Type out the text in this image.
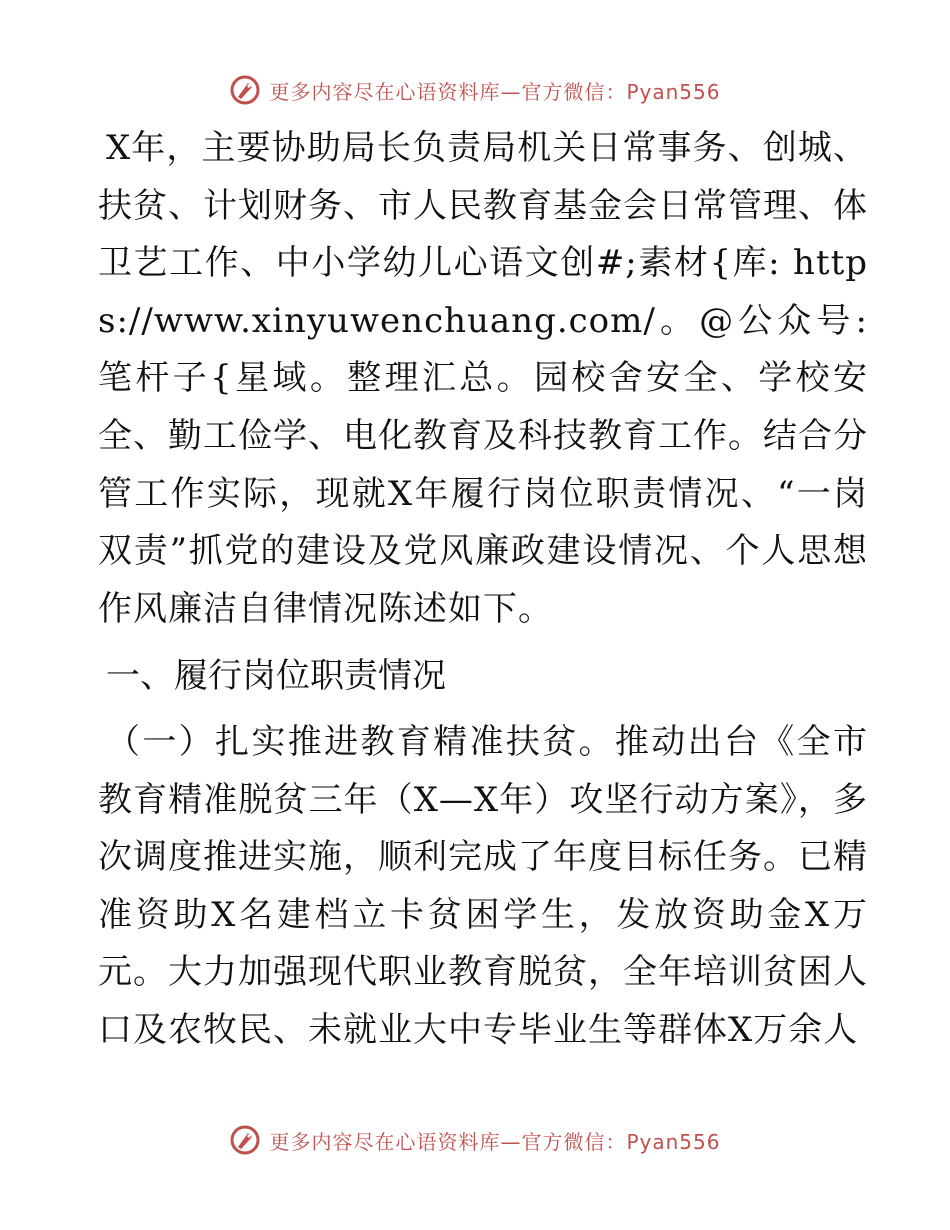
更多内容尽在心语资料库—官方微信：Pyan556

X年，主要协助局长负责局机关日常事务、创城、扶贫、计划财务、市人民教育基金会日常管理、体卫艺工作、中小学幼儿心语文创#;素材{库: https://www.xinyuwenchuang.com/。@公众号: 笔杆子{星域。整理汇总。园校舍安全、学校安全、勤工俭学、电化教育及科技教育工作。结合分管工作实际，现就X年履行岗位职责情况、“一岗双责”抓党的建设及党风廉政建设情况、个人思想作风廉洁自律情况陈述如下。

一、履行岗位职责情况

（一）扎实推进教育精准扶贫。推动出台《全市教育精准脱贫三年（X—X年）攻坚行动方案》，多次调度推进实施，顺利完成了年度目标任务。已精准资助X名建档立卡贫困学生，发放资助金X万元。大力加强现代职业教育脱贫，全年培训贫困人口及农牧民、未就业大中专毕业生等群体X万余人

更多内容尽在心语资料库—官方微信：Pyan556
